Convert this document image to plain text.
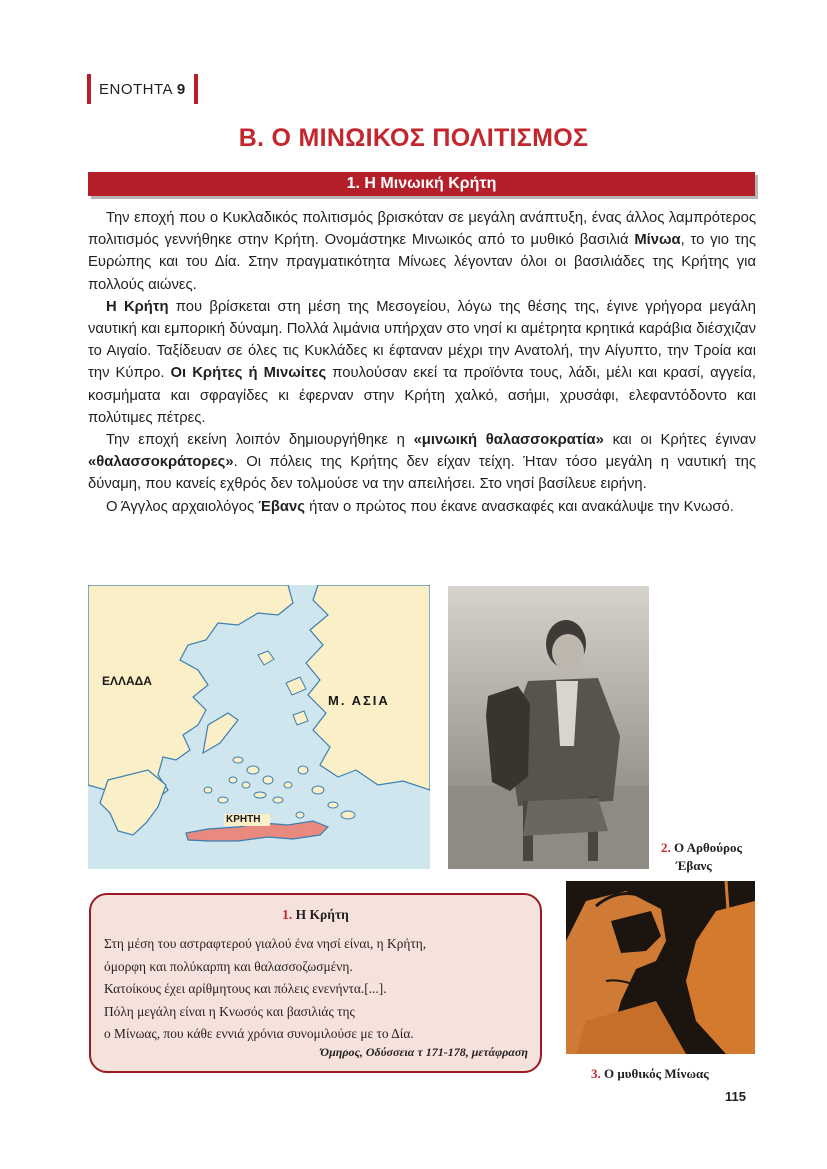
ΕΝΟΤΗΤΑ 9
B. Ο ΜΙΝΩΙΚΟΣ ΠΟΛΙΤΙΣΜΟΣ
1. Η Μινωική Κρήτη

Την εποχή που ο Κυκλαδικός πολιτισμός βρισκόταν σε μεγάλη ανάπτυξη, ένας άλλος λαμπρότερος πολιτισμός γεννήθηκε στην Κρήτη. Ονομάστηκε Μινωικός από το μυθικό βασιλιά Μίνωα, το γιο της Ευρώπης και του Δία. Στην πραγματικότητα Μίνωες λέγονταν όλοι οι βασιλιάδες της Κρήτης για πολλούς αιώνες.

Η Κρήτη που βρίσκεται στη μέση της Μεσογείου, λόγω της θέσης της, έγινε γρήγορα μεγάλη ναυτική και εμπορική δύναμη. Πολλά λιμάνια υπήρχαν στο νησί κι αμέτρητα κρητικά καράβια διέσχιζαν το Αιγαίο. Ταξίδευαν σε όλες τις Κυκλάδες κι έφταναν μέχρι την Ανατολή, την Αίγυπτο, την Τροία και την Κύπρο. Οι Κρήτες ή Μινωίτες πουλούσαν εκεί τα προϊόντα τους, λάδι, μέλι και κρασί, αγγεία, κοσμήματα και σφραγίδες κι έφερναν στην Κρήτη χαλκό, ασήμι, χρυσάφι, ελεφαντόδοντο και πολύτιμες πέτρες.

Την εποχή εκείνη λοιπόν δημιουργήθηκε η «μινωική θαλασσοκρατία» και οι Κρήτες έγιναν «θαλασσοκράτορες». Οι πόλεις της Κρήτης δεν είχαν τείχη. Ήταν τόσο μεγάλη η ναυτική της δύναμη, που κανείς εχθρός δεν τολμούσε να την απειλήσει. Στο νησί βασίλευε ειρήνη.

Ο Άγγλος αρχαιολόγος Έβανς ήταν ο πρώτος που έκανε ανασκαφές και ανακάλυψε την Κνωσό.

ΕΛΛΑΔΑ
Μ. ΑΣΙΑ
ΚΡΗΤΗ
2. Ο Αρθούρος
Έβανς
1. Η Κρήτη
Στη μέση του αστραφτερού γιαλού ένα νησί είναι, η Κρήτη,
όμορφη και πολύκαρπη και θαλασσοζωσμένη.
Κατοίκους έχει αρίθμητους και πόλεις ενενήντα.[...].
Πόλη μεγάλη είναι η Κνωσός και βασιλιάς της
ο Μίνωας, που κάθε εννιά χρόνια συνομιλούσε με το Δία.
Όμηρος, Οδύσσεια τ 171-178, μετάφραση
3. Ο μυθικός Μίνωας
115
